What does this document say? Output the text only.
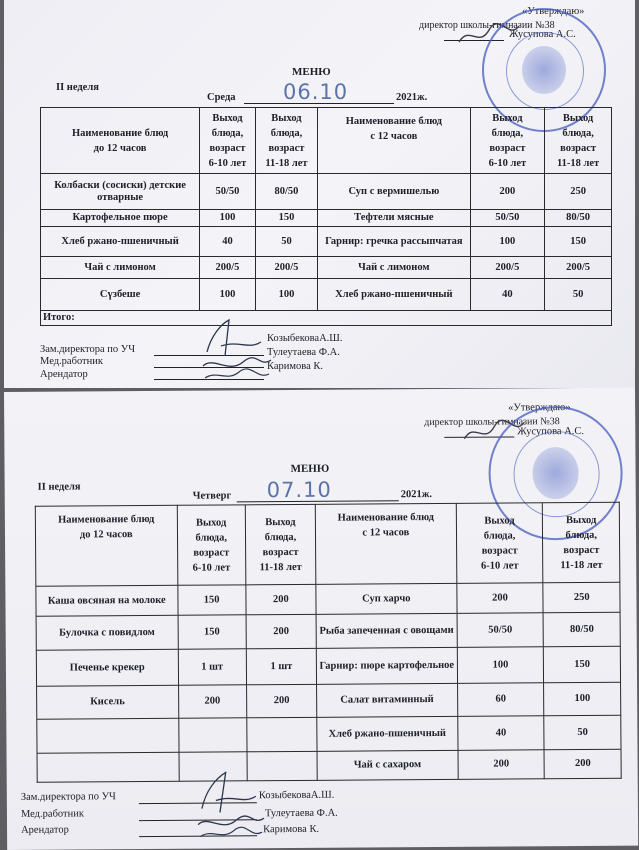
«Утверждаю»
директор школы-гимназии №38
Жусупова А.С.
МЕНЮ
II неделя
Среда 06.10	2021ж.
Наименование блюд
до 12 часов	Выход
блюда,
возраст
6-10 лет	Выход
блюда,
возраст
11-18 лет	Наименование блюд
с 12 часов	Выход
блюда,
возраст
6-10 лет	Выход
блюда,
возраст
11-18 лет
Колбаски (сосиски) детские отварные	50/50	80/50	Суп с вермишелью	200	250
Картофельное пюре	100	150	Тефтели мясные	50/50	80/50
Хлеб ржано-пшеничный	40	50	Гарнир: гречка рассыпчатая	100	150
Чай с лимоном	200/5	200/5	Чай с лимоном	200/5	200/5
Сүзбеше	100	100	Хлеб ржано-пшеничный	40	50
Итого:					
Зам.директора по УЧ
КозыбековаА.Ш.
Мед.работник
Тулеутаева Ф.А.
Арендатор
Каримова К.
«Утверждаю»
директор школы-гимназии №38
Жусупова А.С.
МЕНЮ
II неделя
Четверг 07.10	2021ж.
Наименование блюд
до 12 часов	Выход
блюда,
возраст
6-10 лет	Выход
блюда,
возраст
11-18 лет	Наименование блюд
с 12 часов	Выход
блюда,
возраст
6-10 лет	Выход
блюда,
возраст
11-18 лет
Каша овсяная на молоке	150	200	Суп харчо	200	250
Булочка с повидлом	150	200	Рыба запеченная с овощами	50/50	80/50
Печенье крекер	1 шт	1 шт	Гарнир: пюре картофельное	100	150
Кисель	200	200	Салат витаминный	60	100
			Хлеб ржано-пшеничный	40	50
			Чай с сахаром	200	200
Зам.директора по УЧ	КозыбековаА.Ш.
Мед.работник	Тулеутаева Ф.А.
Арендатор	Каримова К.
